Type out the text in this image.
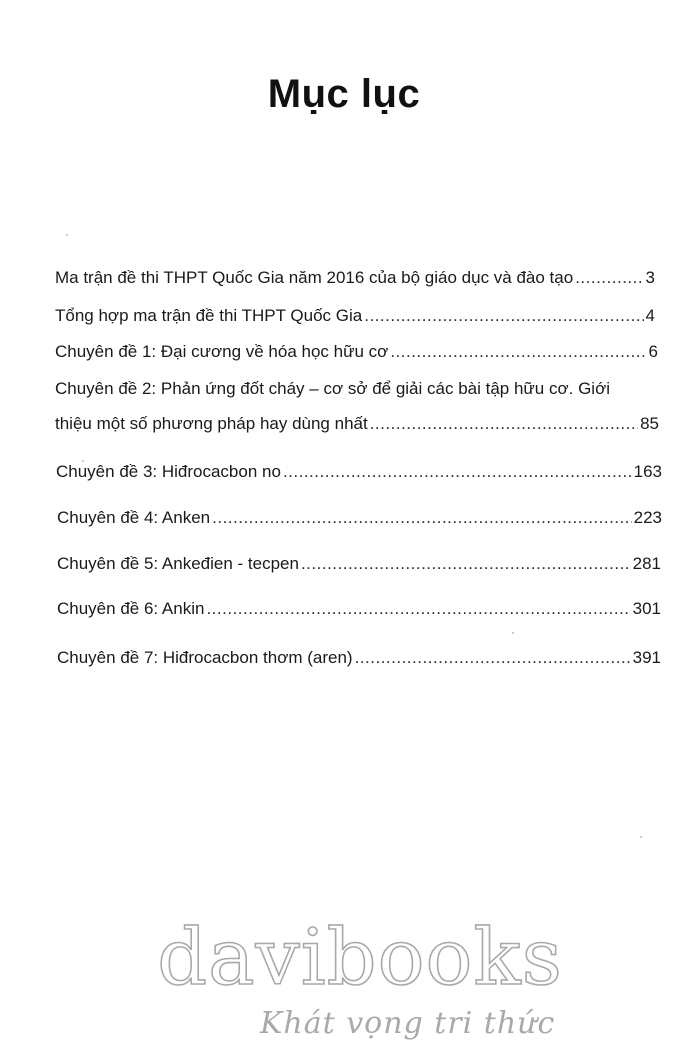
Mục lục
Ma trận đề thi THPT Quốc Gia năm 2016 của bộ giáo dục và đào tạo .....	3
Tổng hợp ma trận đề thi THPT Quốc Gia .....	4
Chuyên đề 1: Đại cương về hóa học hữu cơ .....	6
Chuyên đề 2: Phản ứng đốt cháy – cơ sở để giải các bài tập hữu cơ. Giới
thiệu một số phương pháp hay dùng nhất .....	85
Chuyên đề 3: Hiđrocacbon no .....	163
Chuyên đề 4: Anken .....	223
Chuyên đề 5: Ankeđien - tecpen .....	281
Chuyên đề 6: Ankin .....	301
Chuyên đề 7: Hiđrocacbon thơm (aren) .....	391
davibooks
Khát vọng tri thức
